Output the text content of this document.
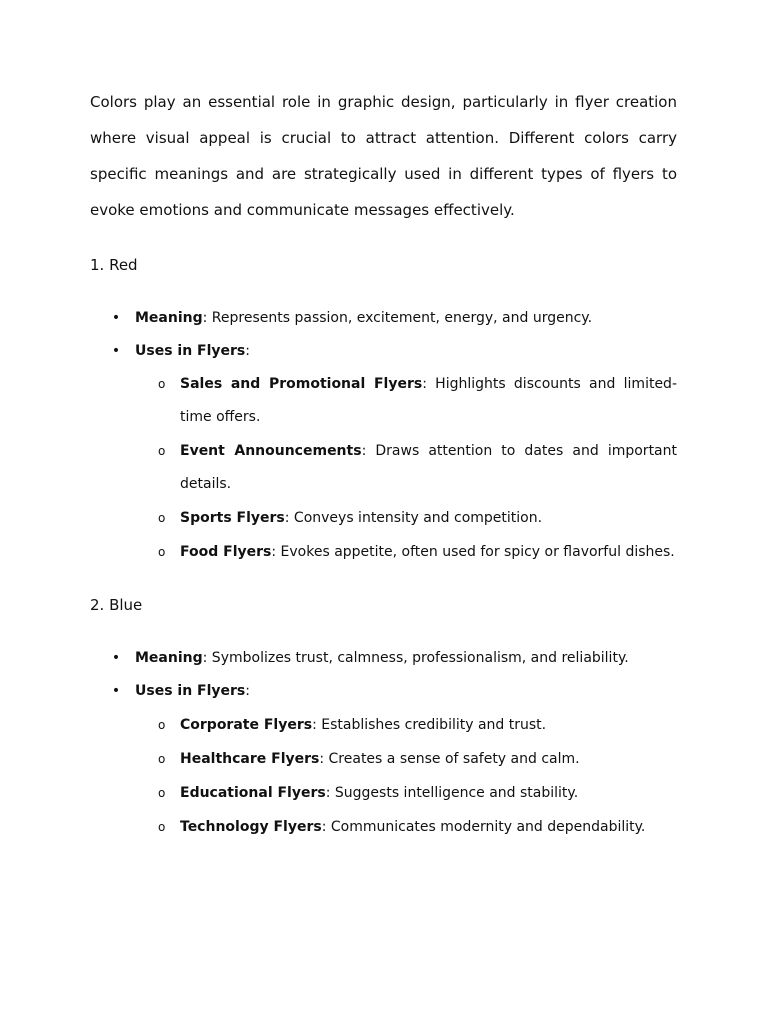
Colors play an essential role in graphic design, particularly in flyer creation where visual appeal is crucial to attract attention. Different colors carry specific meanings and are strategically used in different types of flyers to evoke emotions and communicate messages effectively.

1. Red
• Meaning: Represents passion, excitement, energy, and urgency.
• Uses in Flyers:
o Sales and Promotional Flyers: Highlights discounts and limited-time offers.
o Event Announcements: Draws attention to dates and important details.
o Sports Flyers: Conveys intensity and competition.
o Food Flyers: Evokes appetite, often used for spicy or flavorful dishes.
2. Blue
• Meaning: Symbolizes trust, calmness, professionalism, and reliability.
• Uses in Flyers:
o Corporate Flyers: Establishes credibility and trust.
o Healthcare Flyers: Creates a sense of safety and calm.
o Educational Flyers: Suggests intelligence and stability.
o Technology Flyers: Communicates modernity and dependability.
